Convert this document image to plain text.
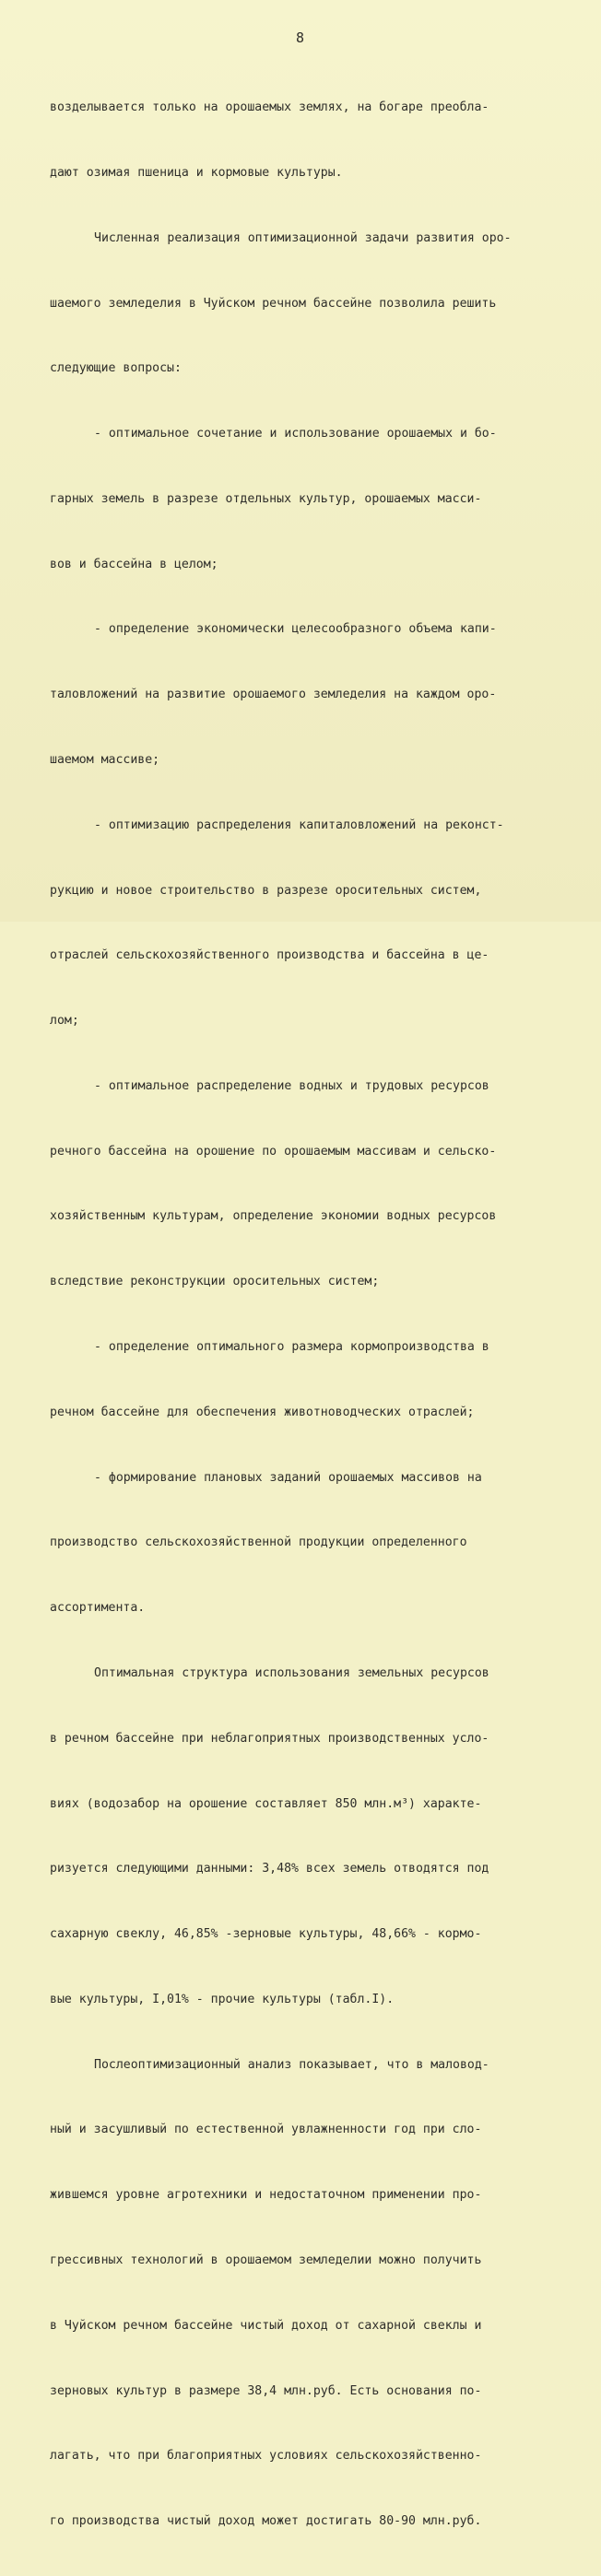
8

возделывается только на орошаемых землях, на богаре преобла-

дают озимая пшеница и кормовые культуры.

Численная реализация оптимизационной задачи развития оро-

шаемого земледелия в Чуйском речном бассейне позволила решить

следующие вопросы:

- оптимальное сочетание и использование орошаемых и бо-

гарных земель в разрезе отдельных культур, орошаемых масси-

вов и бассейна в целом;

- определение экономически целесообразного объема капи-

таловложений на развитие орошаемого земледелия на каждом оро-

шаемом массиве;

- оптимизацию распределения капиталовложений на реконст-

рукцию и новое строительство в разрезе оросительных систем,

отраслей сельскохозяйственного производства и бассейна в це-

лом;

- оптимальное распределение водных и трудовых ресурсов

речного бассейна на орошение по орошаемым массивам и сельско-

хозяйственным культурам, определение экономии водных ресурсов

вследствие реконструкции оросительных систем;

- определение оптимального размера кормопроизводства в

речном бассейне для обеспечения животноводческих отраслей;

- формирование плановых заданий орошаемых массивов на

производство сельскохозяйственной продукции определенного

ассортимента.

Оптимальная структура использования земельных ресурсов

в речном бассейне при неблагоприятных производственных усло-

виях (водозабор на орошение составляет 850 млн.м³) характе-

ризуется следующими данными: 3,48% всех земель отводятся под

сахарную свеклу, 46,85% -зерновые культуры, 48,66% - кормо-

вые культуры, I,01% - прочие культуры (табл.I).

Послеоптимизационный анализ показывает, что в маловод-

ный и засушливый по естественной увлажненности год при сло-

жившемся уровне агротехники и недостаточном применении про-

грессивных технологий в орошаемом земледелии можно получить

в Чуйском речном бассейне чистый доход от сахарной свеклы и

зерновых культур в размере 38,4 млн.руб. Есть основания по-

лагать, что при благоприятных условиях сельскохозяйственно-

го производства чистый доход может достигать 80-90 млн.руб.
